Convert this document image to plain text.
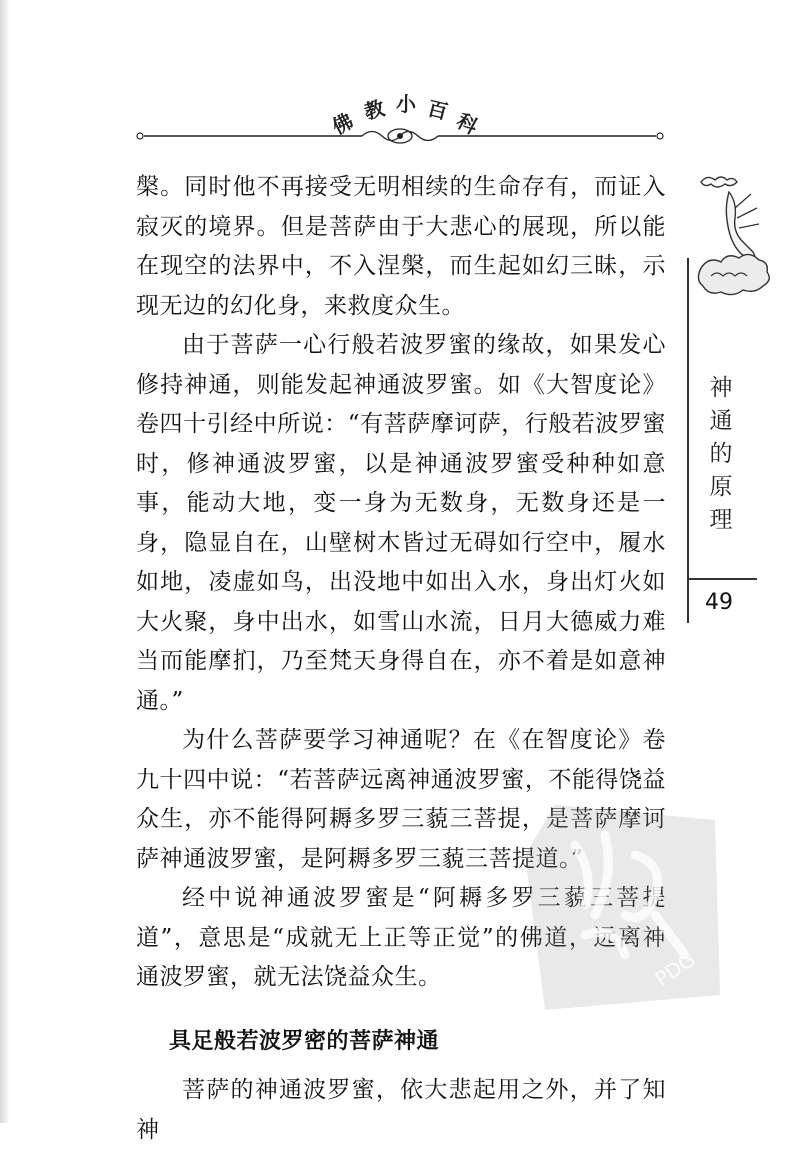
佛 教 小 百 科
神
通
的
原
理
49

槃。同时他不再接受无明相续的生命存有，而证入寂灭的境界。但是菩萨由于大悲心的展现，所以能在现空的法界中，不入涅槃，而生起如幻三昧，示现无边的幻化身，来救度众生。

由于菩萨一心行般若波罗蜜的缘故，如果发心修持神通，则能发起神通波罗蜜。如《大智度论》卷四十引经中所说：“有菩萨摩诃萨，行般若波罗蜜时，修神通波罗蜜，以是神通波罗蜜受种种如意事，能动大地，变一身为无数身，无数身还是一身，隐显自在，山壁树木皆过无碍如行空中，履水如地，凌虚如鸟，出没地中如出入水，身出灯火如大火聚，身中出水，如雪山水流，日月大德威力难当而能摩扪，乃至梵天身得自在，亦不着是如意神通。”

为什么菩萨要学习神通呢？在《在智度论》卷九十四中说：“若菩萨远离神通波罗蜜，不能得饶益众生，亦不能得阿耨多罗三藐三菩提，是菩萨摩诃萨神通波罗蜜，是阿耨多罗三藐三菩提道。”

经中说神通波罗蜜是“阿耨多罗三藐三菩提道”，意思是“成就无上正等正觉”的佛道，远离神通波罗蜜，就无法饶益众生。

具足般若波罗密的菩萨神通

菩萨的神通波罗蜜，依大悲起用之外，并了知神

PDG
